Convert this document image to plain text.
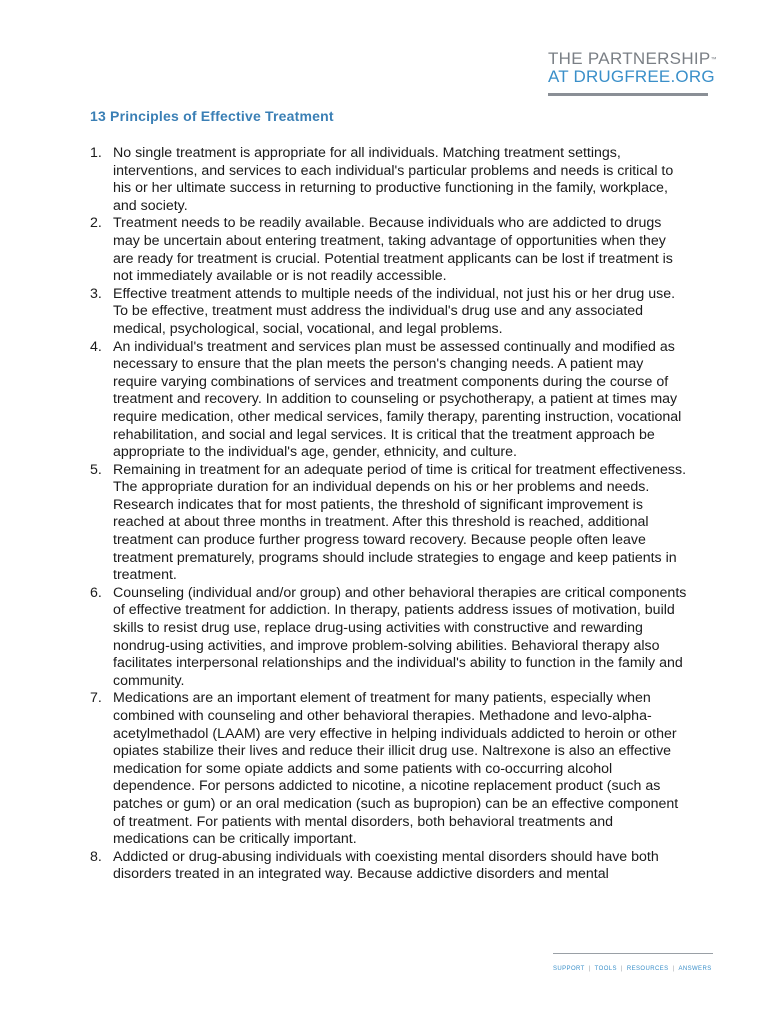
THE PARTNERSHIP™
AT DRUGFREE.ORG
13 Principles of Effective Treatment
1. No single treatment is appropriate for all individuals. Matching treatment settings, interventions, and services to each individual's particular problems and needs is critical to his or her ultimate success in returning to productive functioning in the family, workplace, and society.
2. Treatment needs to be readily available. Because individuals who are addicted to drugs may be uncertain about entering treatment, taking advantage of opportunities when they are ready for treatment is crucial. Potential treatment applicants can be lost if treatment is not immediately available or is not readily accessible.
3. Effective treatment attends to multiple needs of the individual, not just his or her drug use. To be effective, treatment must address the individual's drug use and any associated medical, psychological, social, vocational, and legal problems.
4. An individual's treatment and services plan must be assessed continually and modified as necessary to ensure that the plan meets the person's changing needs. A patient may require varying combinations of services and treatment components during the course of treatment and recovery. In addition to counseling or psychotherapy, a patient at times may require medication, other medical services, family therapy, parenting instruction, vocational rehabilitation, and social and legal services. It is critical that the treatment approach be appropriate to the individual's age, gender, ethnicity, and culture.
5. Remaining in treatment for an adequate period of time is critical for treatment effectiveness. The appropriate duration for an individual depends on his or her problems and needs. Research indicates that for most patients, the threshold of significant improvement is reached at about three months in treatment. After this threshold is reached, additional treatment can produce further progress toward recovery. Because people often leave treatment prematurely, programs should include strategies to engage and keep patients in treatment.
6. Counseling (individual and/or group) and other behavioral therapies are critical components of effective treatment for addiction. In therapy, patients address issues of motivation, build skills to resist drug use, replace drug-using activities with constructive and rewarding nondrug-using activities, and improve problem-solving abilities. Behavioral therapy also facilitates interpersonal relationships and the individual's ability to function in the family and community.
7. Medications are an important element of treatment for many patients, especially when combined with counseling and other behavioral therapies. Methadone and levo-alpha-acetylmethadol (LAAM) are very effective in helping individuals addicted to heroin or other opiates stabilize their lives and reduce their illicit drug use. Naltrexone is also an effective medication for some opiate addicts and some patients with co-occurring alcohol dependence. For persons addicted to nicotine, a nicotine replacement product (such as patches or gum) or an oral medication (such as bupropion) can be an effective component of treatment. For patients with mental disorders, both behavioral treatments and medications can be critically important.
8. Addicted or drug-abusing individuals with coexisting mental disorders should have both disorders treated in an integrated way. Because addictive disorders and mental
SUPPORT | TOOLS | RESOURCES | ANSWERS
